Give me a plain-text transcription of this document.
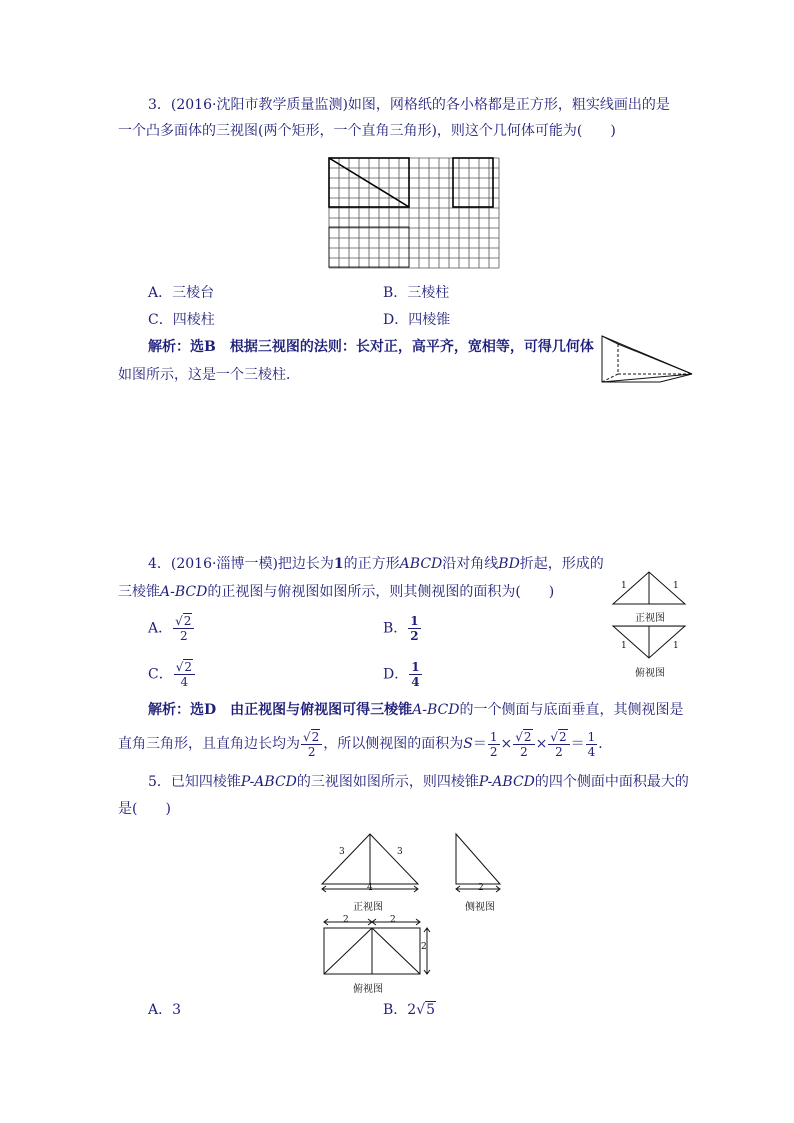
3．(2016·沈阳市教学质量监测)如图，网格纸的各小格都是正方形，粗实线画出的是
一个凸多面体的三视图(两个矩形，一个直角三角形)，则这个几何体可能为(　　)
A．三棱台	B．三棱柱
C．四棱柱	D．四棱锥
解析：选B　根据三视图的法则：长对正，高平齐，宽相等，可得几何体
如图所示，这是一个三棱柱．
4．(2016·淄博一模)把边长为1的正方形ABCD沿对角线BD折起，形成的
三棱锥A-BCD的正视图与俯视图如图所示，则其侧视图的面积为(　　)
A． $\frac{√2}{2}$	B． $\frac{1}{2}$
C． $\frac{√2}{4}$	D． $\frac{1}{4}$
1	1
正视图
1	1
俯视图
解析：选D　由正视图与俯视图可得三棱锥A-BCD的一个侧面与底面垂直，其侧视图是
直角三角形，且直角边长均为 $\frac{√2}{2}$ ，所以侧视图的面积为$S= \frac{1}{2} \times \frac{√2}{2} \times \frac{√2}{2} = \frac{1}{4}$ ．
5．已知四棱锥P-ABCD的三视图如图所示，则四棱锥P-ABCD的四个侧面中面积最大的
是(　　)
3	3
4
正视图
2
侧视图
2	2
2
俯视图
A．3	B．2√5
